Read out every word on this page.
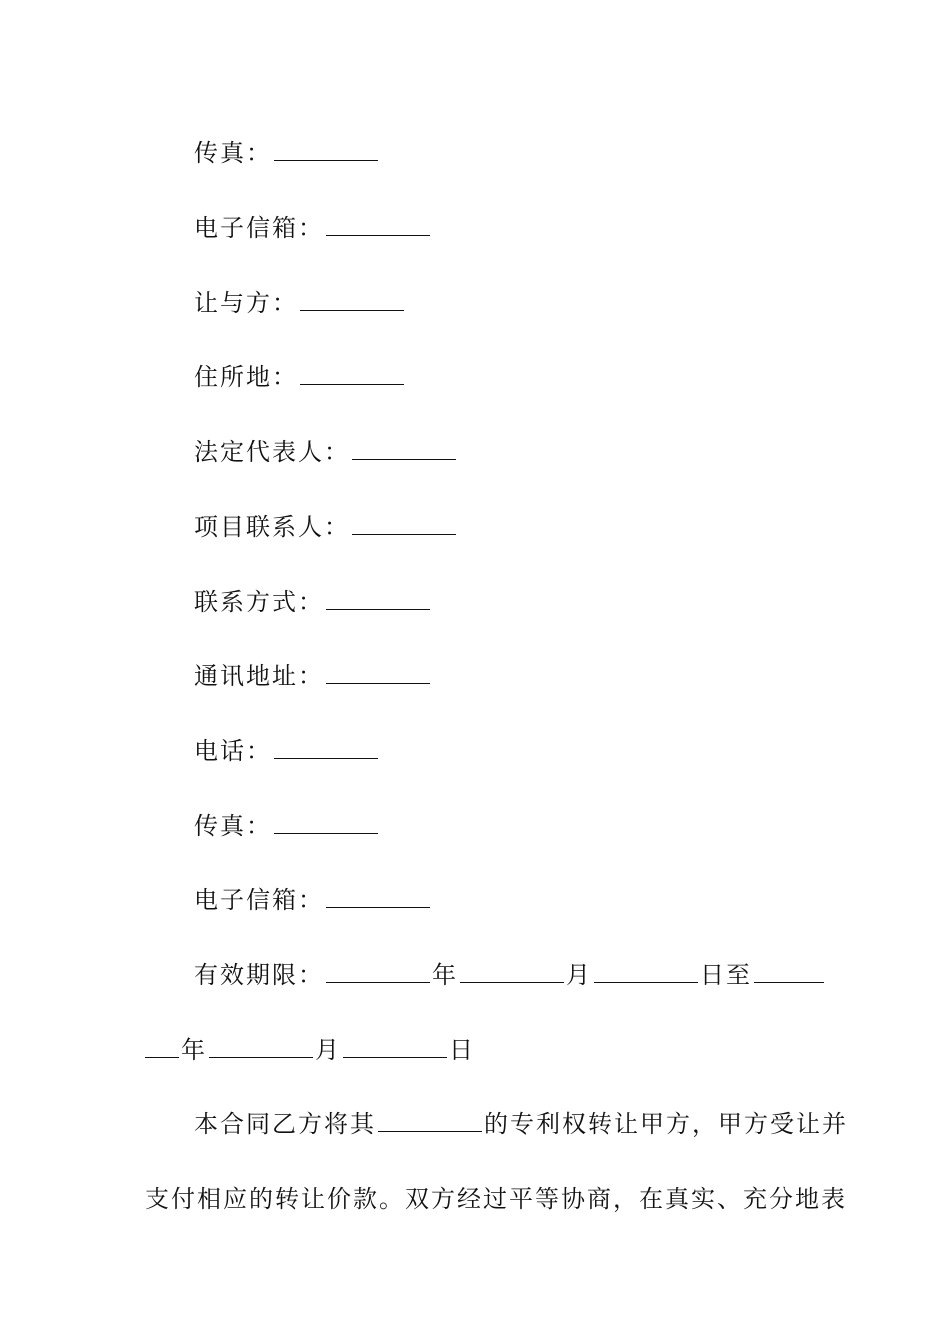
传真：
电子信箱：
让与方：
住所地：
法定代表人：
项目联系人：
联系方式：
通讯地址：
电话：
传真：
电子信箱：
有效期限：	年	月	日至
年	月	日
本合同乙方将其	的专利权转让甲方，甲方受让并
支付相应的转让价款。双方经过平等协商，在真实、充分地表
